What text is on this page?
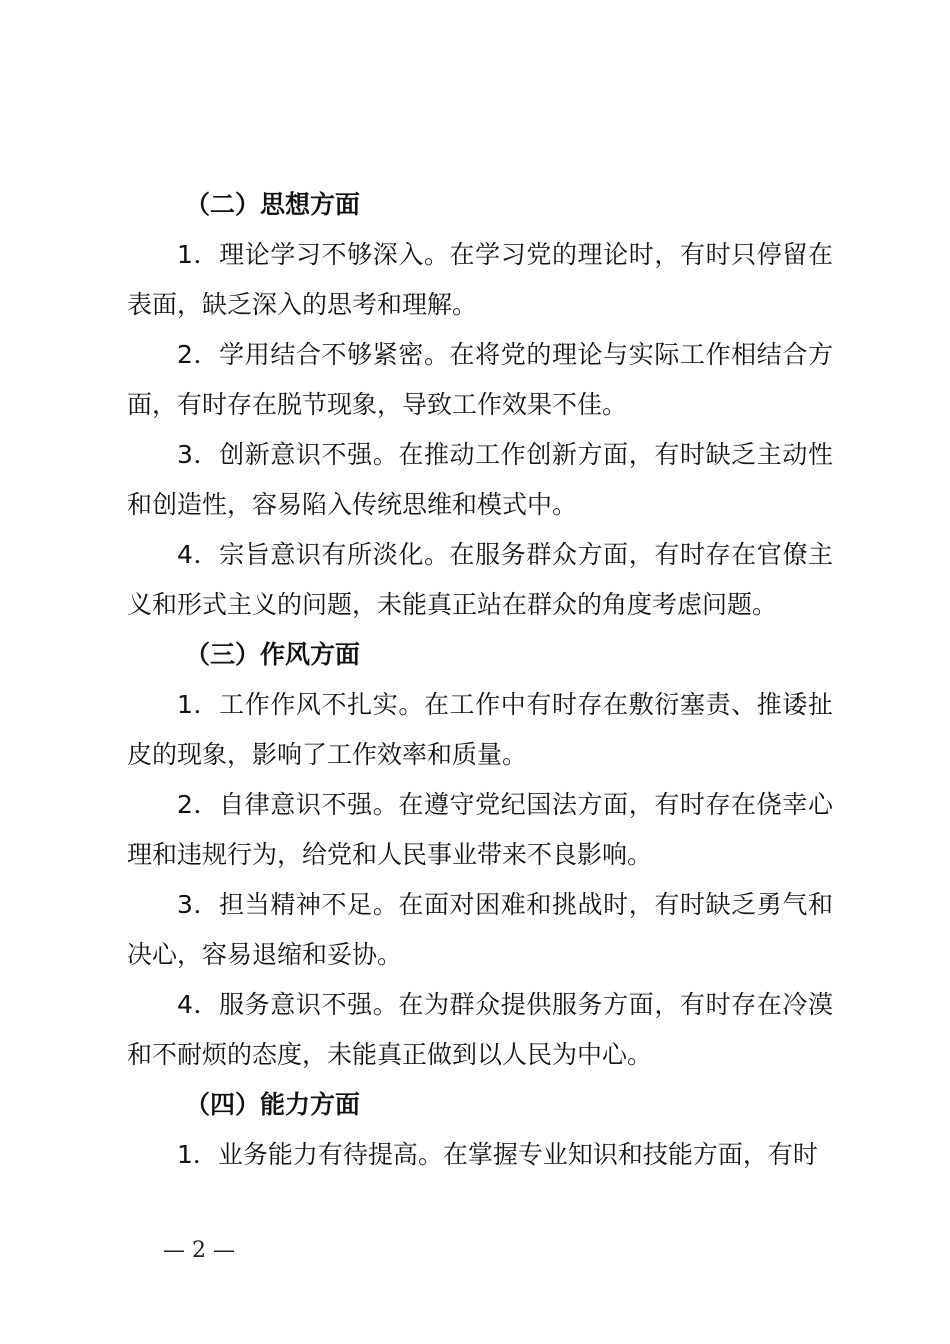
（二）思想方面

1．理论学习不够深入。在学习党的理论时，有时只停留在表面，缺乏深入的思考和理解。

2．学用结合不够紧密。在将党的理论与实际工作相结合方面，有时存在脱节现象，导致工作效果不佳。

3．创新意识不强。在推动工作创新方面，有时缺乏主动性和创造性，容易陷入传统思维和模式中。

4．宗旨意识有所淡化。在服务群众方面，有时存在官僚主义和形式主义的问题，未能真正站在群众的角度考虑问题。

（三）作风方面

1．工作作风不扎实。在工作中有时存在敷衍塞责、推诿扯皮的现象，影响了工作效率和质量。

2．自律意识不强。在遵守党纪国法方面，有时存在侥幸心理和违规行为，给党和人民事业带来不良影响。

3．担当精神不足。在面对困难和挑战时，有时缺乏勇气和决心，容易退缩和妥协。

4．服务意识不强。在为群众提供服务方面，有时存在冷漠和不耐烦的态度，未能真正做到以人民为中心。

（四）能力方面

1．业务能力有待提高。在掌握专业知识和技能方面，有时

— 2 —
